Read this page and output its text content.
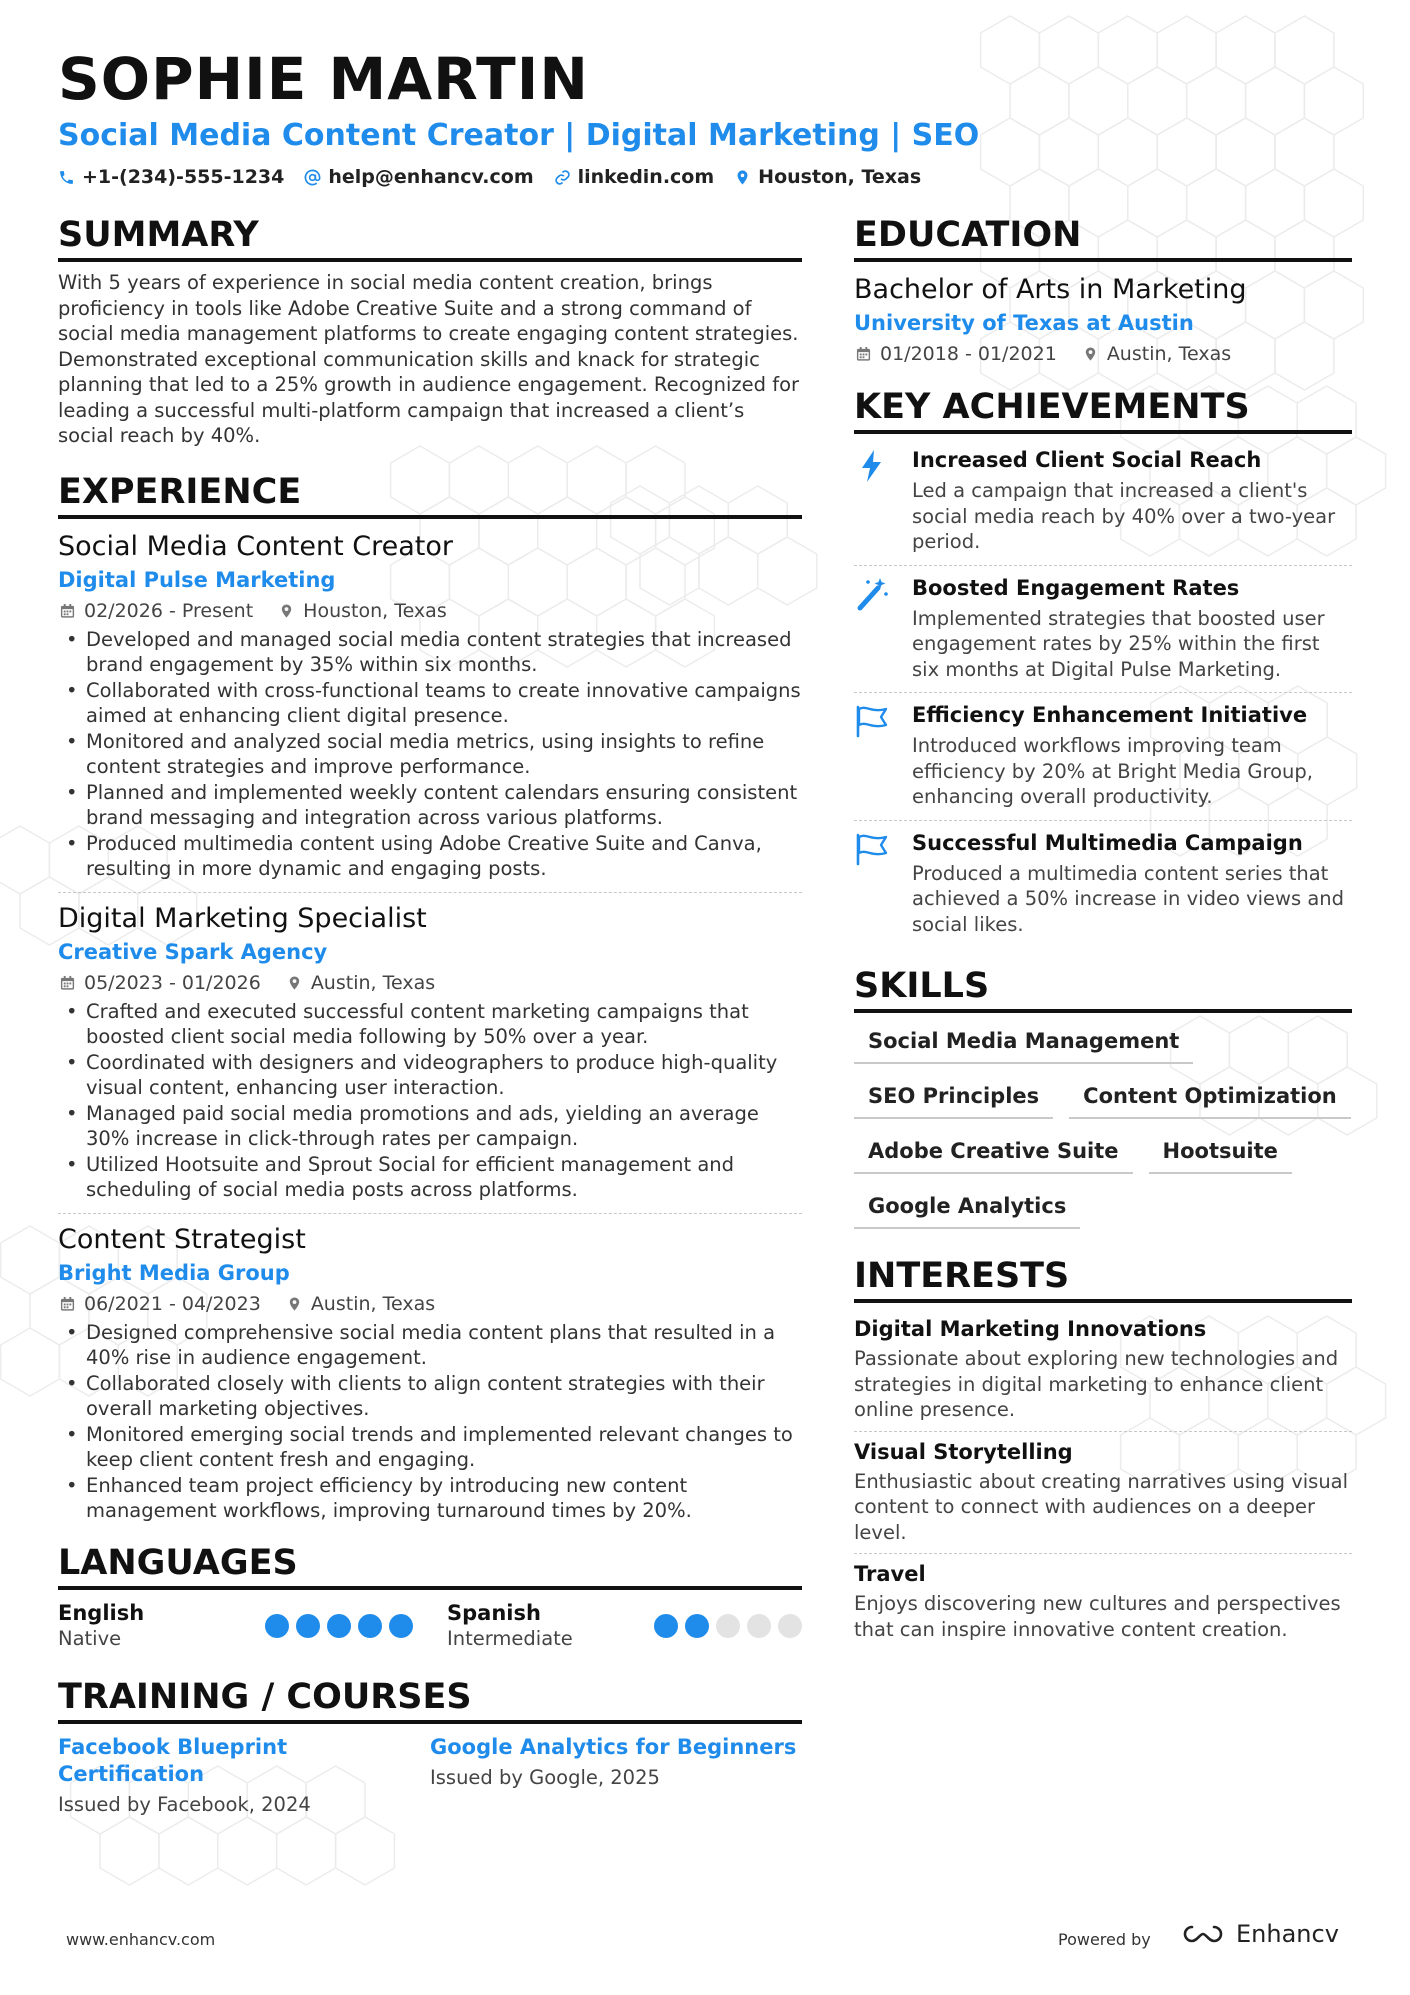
SOPHIE MARTIN
Social Media Content Creator | Digital Marketing | SEO
+1-(234)-555-1234 help@enhancv.com linkedin.com Houston, Texas
SUMMARY

With 5 years of experience in social media content creation, brings proficiency in tools like Adobe Creative Suite and a strong command of social media management platforms to create engaging content strategies. Demonstrated exceptional communication skills and knack for strategic planning that led to a 25% growth in audience engagement. Recognized for leading a successful multi-platform campaign that increased a client’s social reach by 40%.

EXPERIENCE
Social Media Content Creator
Digital Pulse Marketing
02/2026 - Present	Houston, Texas
• Developed and managed social media content strategies that increased brand engagement by 35% within six months.
• Collaborated with cross-functional teams to create innovative campaigns aimed at enhancing client digital presence.
• Monitored and analyzed social media metrics, using insights to refine content strategies and improve performance.
• Planned and implemented weekly content calendars ensuring consistent brand messaging and integration across various platforms.
• Produced multimedia content using Adobe Creative Suite and Canva, resulting in more dynamic and engaging posts.
Digital Marketing Specialist
Creative Spark Agency
05/2023 - 01/2026	Austin, Texas
• Crafted and executed successful content marketing campaigns that boosted client social media following by 50% over a year.
• Coordinated with designers and videographers to produce high-quality visual content, enhancing user interaction.
• Managed paid social media promotions and ads, yielding an average 30% increase in click-through rates per campaign.
• Utilized Hootsuite and Sprout Social for efficient management and scheduling of social media posts across platforms.
Content Strategist
Bright Media Group
06/2021 - 04/2023	Austin, Texas
• Designed comprehensive social media content plans that resulted in a 40% rise in audience engagement.
• Collaborated closely with clients to align content strategies with their overall marketing objectives.
• Monitored emerging social trends and implemented relevant changes to keep client content fresh and engaging.
• Enhanced team project efficiency by introducing new content management workflows, improving turnaround times by 20%.
LANGUAGES
English
Native
Spanish
Intermediate
TRAINING / COURSES
Facebook Blueprint Certification
Issued by Facebook, 2024
Google Analytics for Beginners
Issued by Google, 2025
EDUCATION
Bachelor of Arts in Marketing
University of Texas at Austin
01/2018 - 01/2021	Austin, Texas
KEY ACHIEVEMENTS
Increased Client Social Reach
Led a campaign that increased a client's social media reach by 40% over a two-year period.
Boosted Engagement Rates
Implemented strategies that boosted user engagement rates by 25% within the first six months at Digital Pulse Marketing.
Efficiency Enhancement Initiative
Introduced workflows improving team efficiency by 20% at Bright Media Group, enhancing overall productivity.
Successful Multimedia Campaign
Produced a multimedia content series that achieved a 50% increase in video views and social likes.
SKILLS
Social Media Management
SEO Principles	Content Optimization
Adobe Creative Suite	Hootsuite
Google Analytics
INTERESTS
Digital Marketing Innovations
Passionate about exploring new technologies and strategies in digital marketing to enhance client online presence.
Visual Storytelling
Enthusiastic about creating narratives using visual content to connect with audiences on a deeper level.
Travel
Enjoys discovering new cultures and perspectives that can inspire innovative content creation.
www.enhancv.com	Powered by	Enhancv
